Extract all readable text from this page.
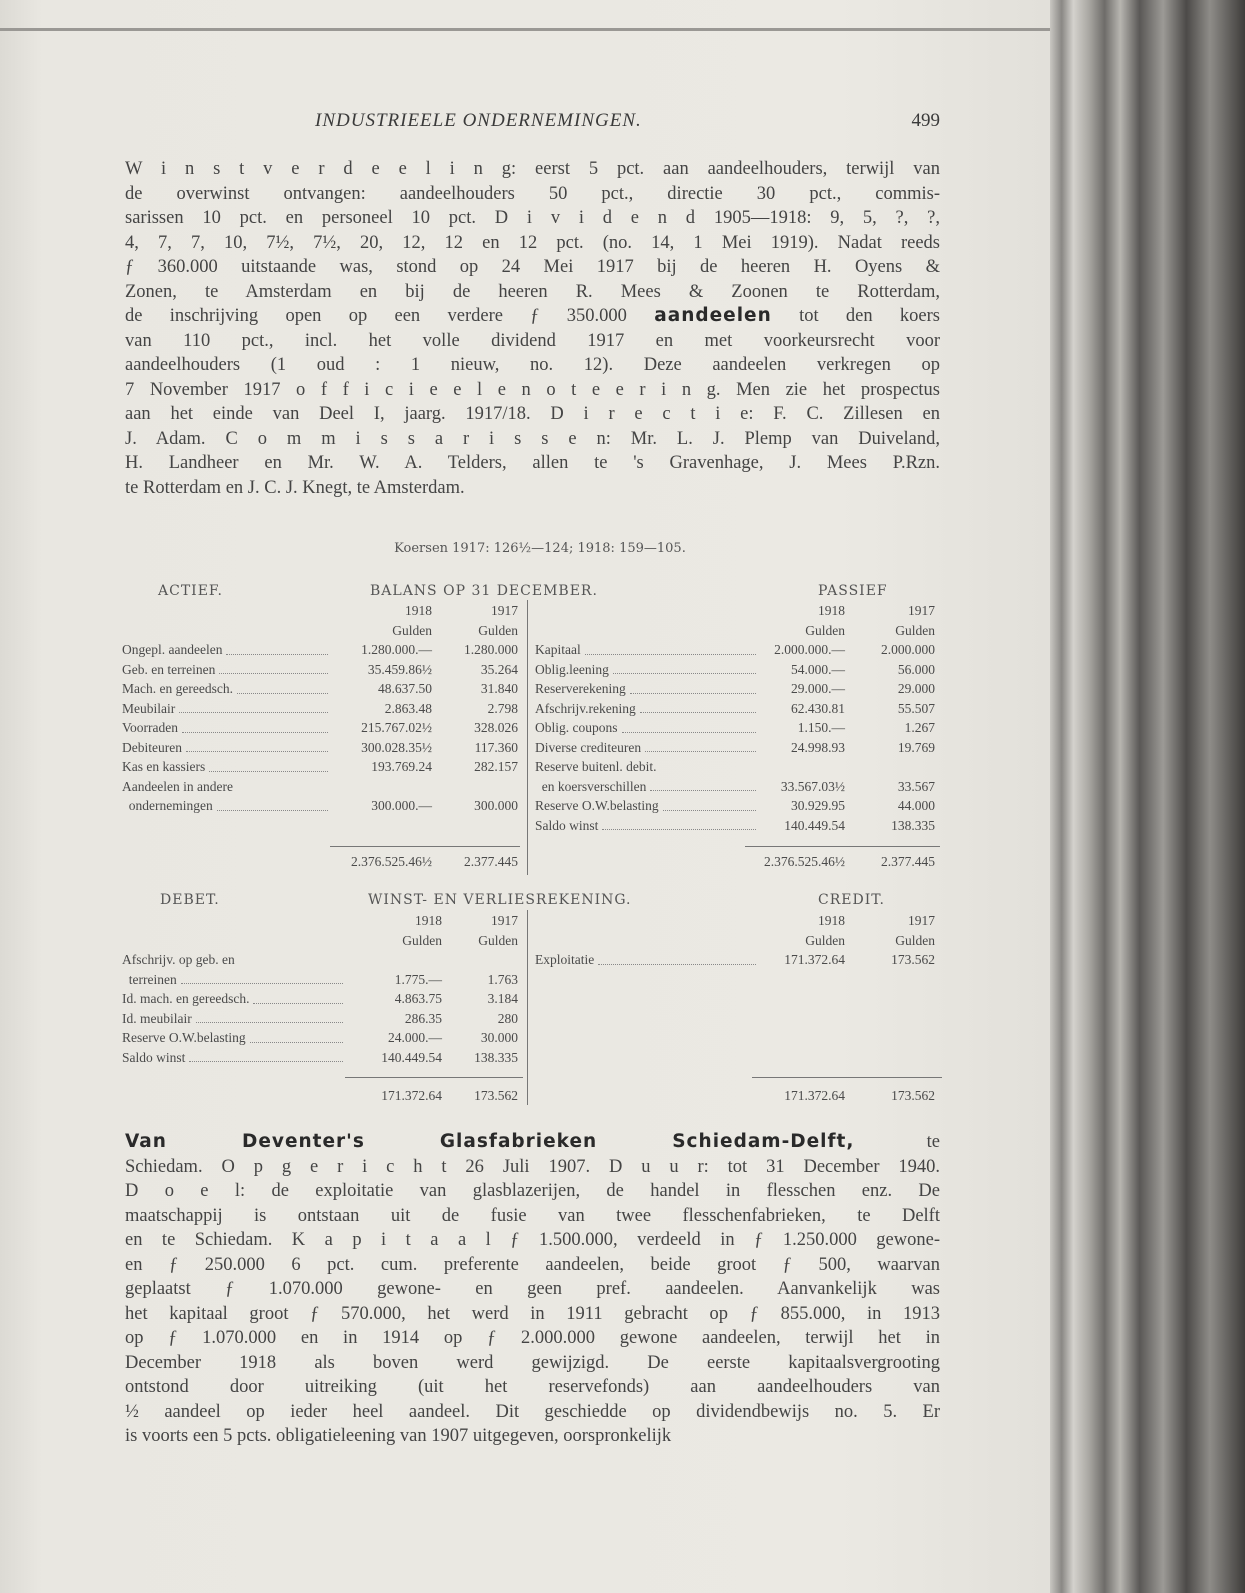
INDUSTRIEELE ONDERNEMINGEN.	499
W i n s t v e r d e e l i n g: eerst 5 pct. aan aandeelhouders, terwijl van
de overwinst ontvangen: aandeelhouders 50 pct., directie 30 pct., commis-
sarissen 10 pct. en personeel 10 pct. D i v i d e n d 1905—1918: 9, 5, ?, ?,
4, 7, 7, 10, 7½, 7½, 20, 12, 12 en 12 pct. (no. 14, 1 Mei 1919). Nadat reeds
ƒ 360.000 uitstaande was, stond op 24 Mei 1917 bij de heeren H. Oyens &
Zonen, te Amsterdam en bij de heeren R. Mees & Zoonen te Rotterdam,
de inschrijving open op een verdere ƒ 350.000 aandeelen tot den koers
van 110 pct., incl. het volle dividend 1917 en met voorkeursrecht voor
aandeelhouders (1 oud : 1 nieuw, no. 12). Deze aandeelen verkregen op
7 November 1917 o f f i c i e e l e n o t e e r i n g. Men zie het prospectus
aan het einde van Deel I, jaarg. 1917/18. D i r e c t i e: F. C. Zillesen en
J. Adam. C o m m i s s a r i s s e n: Mr. L. J. Plemp van Duiveland,
H. Landheer en Mr. W. A. Telders, allen te 's Gravenhage, J. Mees P.Rzn.
te Rotterdam en J. C. J. Knegt, te Amsterdam.
Koersen 1917: 126½—124; 1918: 159—105.
ACTIEF.	BALANS OP 31 DECEMBER.	PASSIEF
1918	1917
Gulden	Gulden
Ongepl. aandeelen	1.280.000.—	1.280.000
Geb. en terreinen	35.459.86½	35.264
Mach. en gereedsch.	48.637.50	31.840
Meubilair	2.863.48	2.798
Voorraden	215.767.02½	328.026
Debiteuren	300.028.35½	117.360
Kas en kassiers	193.769.24	282.157
Aandeelen in andere
ondernemingen	300.000.—	300.000
1918	1917
Gulden	Gulden
Kapitaal	2.000.000.—	2.000.000
Oblig.leening	54.000.—	56.000
Reserverekening	29.000.—	29.000
Afschrijv.rekening	62.430.81	55.507
Oblig. coupons	1.150.—	1.267
Diverse crediteuren	24.998.93	19.769
Reserve buitenl. debit.
en koersverschillen	33.567.03½	33.567
Reserve O.W.belasting	30.929.95	44.000
Saldo winst	140.449.54	138.335
2.376.525.46½	2.377.445	2.376.525.46½	2.377.445
DEBET.	WINST- EN VERLIESREKENING.	CREDIT.
1918	1917
Gulden	Gulden
Afschrijv. op geb. en
terreinen	1.775.—	1.763
Id. mach. en gereedsch.	4.863.75	3.184
Id. meubilair	286.35	280
Reserve O.W.belasting	24.000.—	30.000
Saldo winst	140.449.54	138.335
1918	1917
Gulden	Gulden
Exploitatie	171.372.64	173.562
171.372.64	173.562	171.372.64	173.562
Van Deventer's Glasfabrieken Schiedam-Delft, te
Schiedam. O p g e r i c h t 26 Juli 1907. D u u r: tot 31 December 1940.
D o e l: de exploitatie van glasblazerijen, de handel in flesschen enz. De
maatschappij is ontstaan uit de fusie van twee flesschenfabrieken, te Delft
en te Schiedam. K a p i t a a l ƒ 1.500.000, verdeeld in ƒ 1.250.000 gewone-
en ƒ 250.000 6 pct. cum. preferente aandeelen, beide groot ƒ 500, waarvan
geplaatst ƒ 1.070.000 gewone- en geen pref. aandeelen. Aanvankelijk was
het kapitaal groot ƒ 570.000, het werd in 1911 gebracht op ƒ 855.000, in 1913
op ƒ 1.070.000 en in 1914 op ƒ 2.000.000 gewone aandeelen, terwijl het in
December 1918 als boven werd gewijzigd. De eerste kapitaalsvergrooting
ontstond door uitreiking (uit het reservefonds) aan aandeelhouders van
½ aandeel op ieder heel aandeel. Dit geschiedde op dividendbewijs no. 5. Er
is voorts een 5 pcts. obligatieleening van 1907 uitgegeven, oorspronkelijk
